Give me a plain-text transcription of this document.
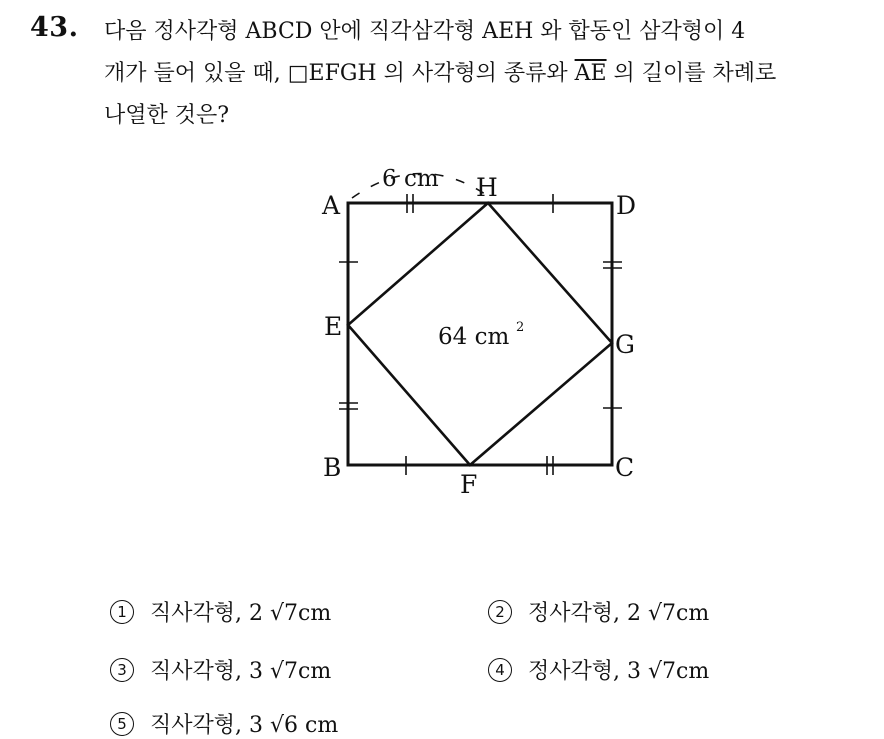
43. 다음 정사각형 ABCD 안에 직각삼각형 AEH 와 합동인 삼각형이 4
개가 들어 있을 때, □EFGH 의 사각형의 종류와 $\overline{AE}$ 의 길이를 차례로
나열한 것은?
A
H
D
E
G
B
F
C
6 cm
64 cm 2
1	직사각형, 2 √7cm	2	정사각형, 2 √7cm
3	직사각형, 3 √7cm	4	정사각형, 3 √7cm
5	직사각형, 3 √6 cm
